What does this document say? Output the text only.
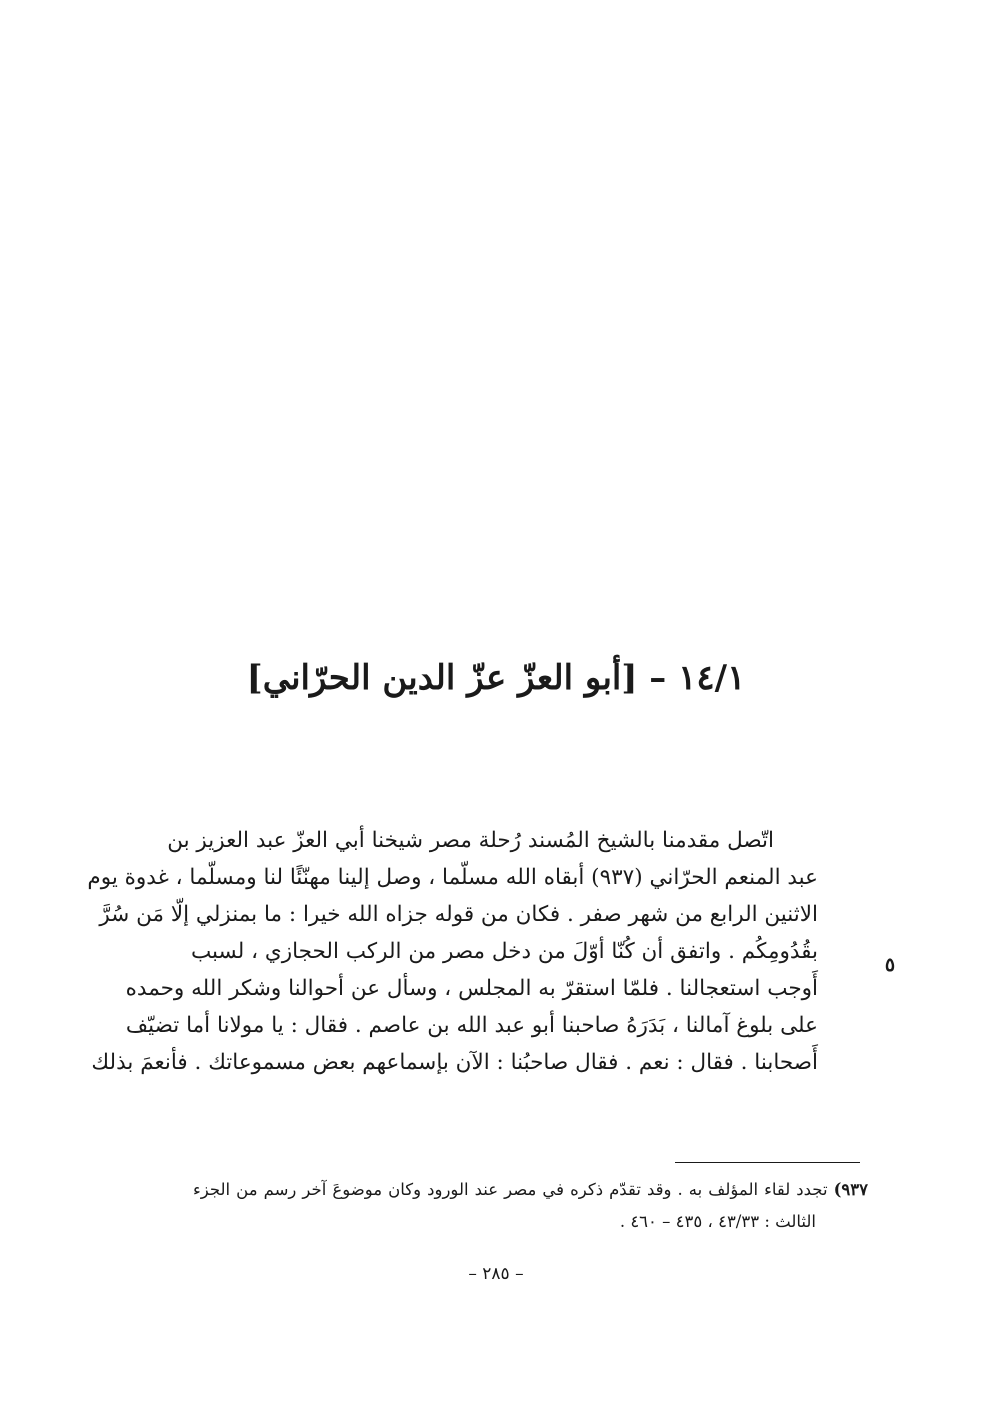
١٤/١ – [أبو العزّ عزّ الدين الحرّاني]
اتّصل مقدمنا بالشيخ المُسند رُحلة مصر شيخنا أبي العزّ عبد العزيز بن
عبد المنعم الحرّاني (٩٣٧) أبقاه الله مسلّما ، وصل إلينا مهنّئًا لنا ومسلّما ، غدوة يوم
الاثنين الرابع من شهر صفر . فكان من قوله جزاه الله خيرا : ما بمنزلي إلّا مَن سُرَّ
بقُدُومِكُم . واتفق أن كُنّا أوّلَ من دخل مصر من الركب الحجازي ، لسبب
أَوجب استعجالنا . فلمّا استقرّ به المجلس ، وسأل عن أحوالنا وشكر الله وحمده
على بلوغ آمالنا ، بَدَرَهُ صاحبنا أبو عبد الله بن عاصم . فقال : يا مولانا أما تضيّف
أَصحابنا . فقال : نعم . فقال صاحبُنا : الآن بإسماعهم بعض مسموعاتك . فأنعمَ بذلك
٥
٩٣٧) تجدد لقاء المؤلف به . وقد تقدّم ذكره في مصر عند الورود وكان موضوعَ آخر رسم من الجزء
الثالث : ٤٣/٣٣ ، ٤٣٥ – ٤٦٠ .
– ٢٨٥ –
